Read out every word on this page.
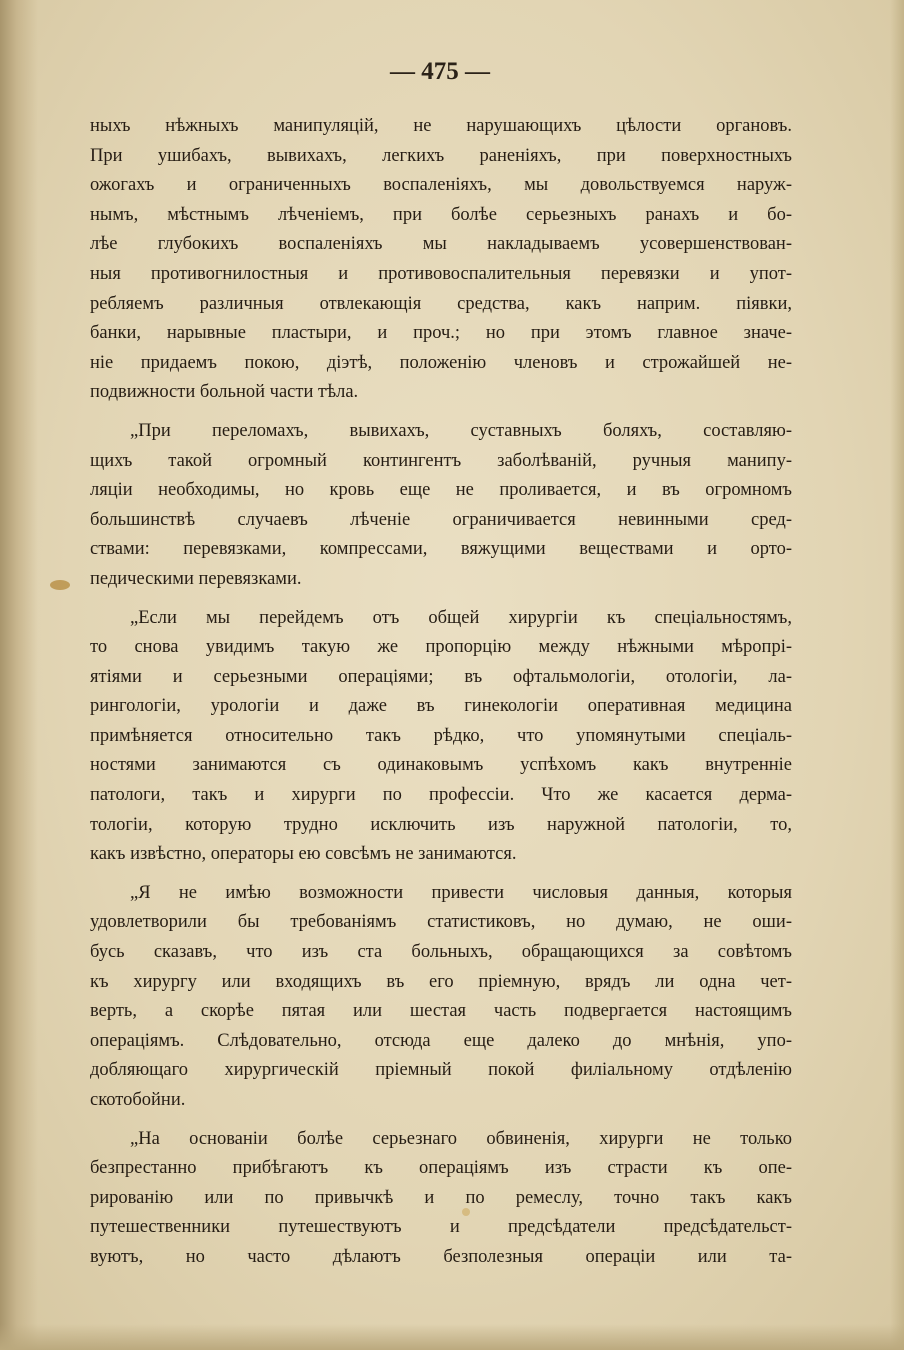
— 475 —
ныхъ нѣжныхъ манипуляцій, не нарушающихъ цѣлости органовъ.
При ушибахъ, вывихахъ, легкихъ раненіяхъ, при поверхностныхъ
ожогахъ и ограниченныхъ воспаленіяхъ, мы довольствуемся наруж-
нымъ, мѣстнымъ лѣченіемъ, при болѣе серьезныхъ ранахъ и бо-
лѣе глубокихъ воспаленіяхъ мы накладываемъ усовершенствован-
ныя противогнилостныя и противовоспалительныя перевязки и упот-
ребляемъ различныя отвлекающія средства, какъ наприм. піявки,
банки, нарывные пластыри, и проч.; но при этомъ главное значе-
ніе придаемъ покою, діэтѣ, положенію членовъ и строжайшей не-
подвижности больной части тѣла.
„При переломахъ, вывихахъ, суставныхъ боляхъ, составляю-
щихъ такой огромный контингентъ заболѣваній, ручныя манипу-
ляціи необходимы, но кровь еще не проливается, и въ огромномъ
большинствѣ случаевъ лѣченіе ограничивается невинными сред-
ствами: перевязками, компрессами, вяжущими веществами и орто-
педическими перевязками.
„Если мы перейдемъ отъ общей хирургіи къ спеціальностямъ,
то снова увидимъ такую же пропорцію между нѣжными мѣропрі-
ятіями и серьезными операціями; въ офтальмологіи, отологіи, ла-
рингологіи, урологіи и даже въ гинекологіи оперативная медицина
примѣняется относительно такъ рѣдко, что упомянутыми спеціаль-
ностями занимаются съ одинаковымъ успѣхомъ какъ внутренніе
патологи, такъ и хирурги по профессіи. Что же касается дерма-
тологіи, которую трудно исключить изъ наружной патологіи, то,
какъ извѣстно, операторы ею совсѣмъ не занимаются.
„Я не имѣю возможности привести числовыя данныя, которыя
удовлетворили бы требованіямъ статистиковъ, но думаю, не оши-
бусь сказавъ, что изъ ста больныхъ, обращающихся за совѣтомъ
къ хирургу или входящихъ въ его пріемную, врядъ ли одна чет-
верть, а скорѣе пятая или шестая часть подвергается настоящимъ
операціямъ. Слѣдовательно, отсюда еще далеко до мнѣнія, упо-
добляющаго хирургическій пріемный покой филіальному отдѣленію
скотобойни.
„На основаніи болѣе серьезнаго обвиненія, хирурги не только
безпрестанно прибѣгаютъ къ операціямъ изъ страсти къ опе-
рированію или по привычкѣ и по ремеслу, точно такъ какъ
путешественники путешествуютъ и предсѣдатели предсѣдательст-
вуютъ, но часто дѣлаютъ безполезныя операціи или та-
